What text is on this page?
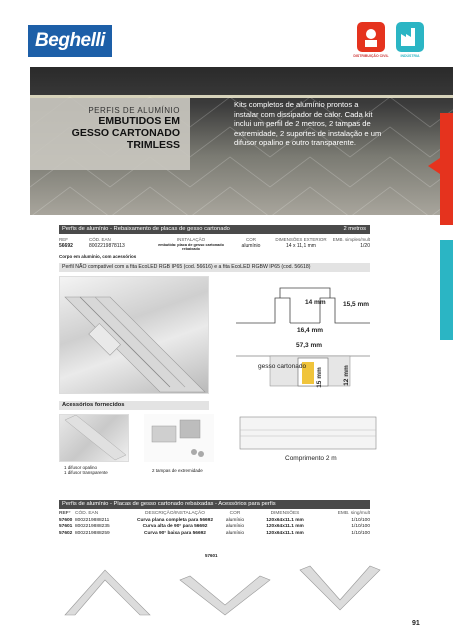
Beghelli
DISTRIBUIÇÃO CIVIL	INDÚSTRIA
PERFIS DE ALUMÍNIO
EMBUTIDOS EM
GESSO CARTONADO
TRIMLESS
Kits completos de alumínio prontos a instalar com dissipador de calor. Cada kit inclui um perfil de 2 metros, 2 tampas de extremidade, 2 suportes de instalação e um difusor opalino e outro transparente.
Perfis de alumínio - Rebaixamento de placas de gesso cartonado	2 metros
REF	CÓD. EAN	INSTALAÇÃO	COR	DIMENSÕES EXTERIOR	EMB. simples/mult
56692	8002219878113	embutida: placa de gesso cartonado rebaixado	alumínio	14 x 11,1 mm	1/20
Corpo em alumínio, com acessórios
Perfil NÃO compatível com a fita EcoLED RGB IP65 (cod. 56616) e a fita EcoLED RGBW IP65 (cod. 56618)
14 mm	15,5 mm
16,4 mm
57,3 mm
15 mm	12 mm
gesso cartonado
Acessórios fornecidos
1 difusor opalino
1 difusor transparente	2 tampas de extremidade
Comprimento 2 m
Perfis de alumínio - Placas de gesso cartonado rebaixadas - Acessórios para perfis
REF° CÓD. EAN	DESCRIÇÃO/INSTALAÇÃO	COR	DIMENSÕES	EMB. sing/mult
57600 8002219888211	Curva plana completa para 56692	alumínio	120x64x11.1 mm	1/10/100
57601 8002219888235	Curva alta de 90° para 56692	alumínio	120x64x11.1 mm	1/10/100
57602 8002219888259	Curva 90° baixa para 56692	alumínio	120x64x11.1 mm	1/10/100
57601
91
